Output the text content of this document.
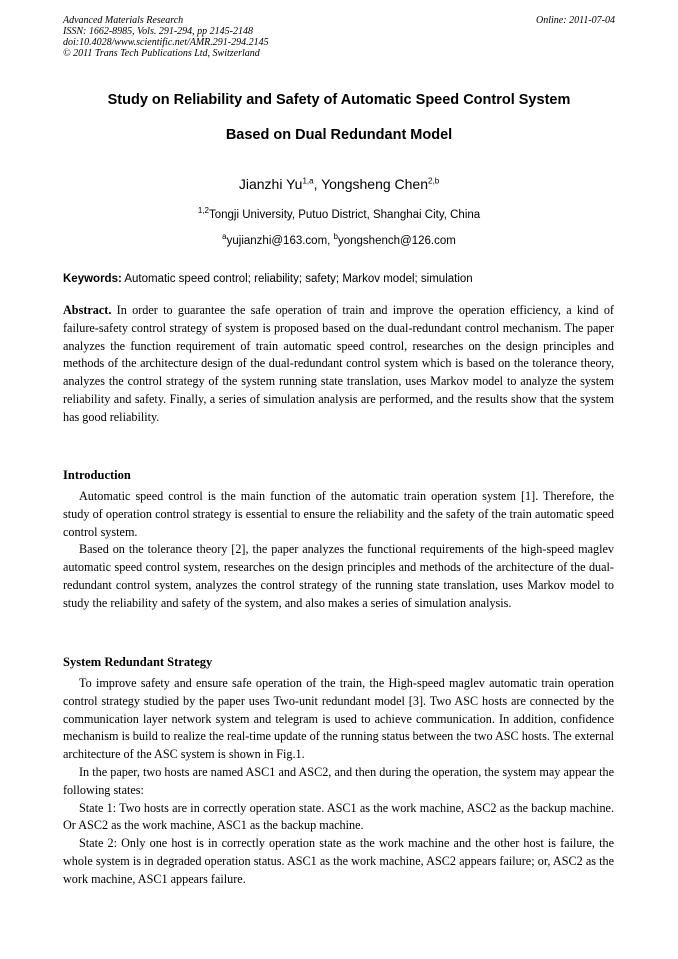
Advanced Materials Research
ISSN: 1662-8985, Vols. 291-294, pp 2145-2148
doi:10.4028/www.scientific.net/AMR.291-294.2145
© 2011 Trans Tech Publications Ltd, Switzerland
Online: 2011-07-04
Study on Reliability and Safety of Automatic Speed Control System
Based on Dual Redundant Model
Jianzhi Yu$^{1,a}$, Yongsheng Chen$^{2,b}$
$^{1,2}$Tongji University, Putuo District, Shanghai City, China
$^a$yujianzhi@163.com, $^b$yongshench@126.com
Keywords: Automatic speed control; reliability; safety; Markov model; simulation

Abstract. In order to guarantee the safe operation of train and improve the operation efficiency, a kind of failure-safety control strategy of system is proposed based on the dual-redundant control mechanism. The paper analyzes the function requirement of train automatic speed control, researches on the design principles and methods of the architecture design of the dual-redundant control system which is based on the tolerance theory, analyzes the control strategy of the system running state translation, uses Markov model to analyze the system reliability and safety. Finally, a series of simulation analysis are performed, and the results show that the system has good reliability.

Introduction

Automatic speed control is the main function of the automatic train operation system [1]. Therefore, the study of operation control strategy is essential to ensure the reliability and the safety of the train automatic speed control system.

Based on the tolerance theory [2], the paper analyzes the functional requirements of the high-speed maglev automatic speed control system, researches on the design principles and methods of the architecture of the dual-redundant control system, analyzes the control strategy of the running state translation, uses Markov model to study the reliability and safety of the system, and also makes a series of simulation analysis.

System Redundant Strategy

To improve safety and ensure safe operation of the train, the High-speed maglev automatic train operation control strategy studied by the paper uses Two-unit redundant model [3]. Two ASC hosts are connected by the communication layer network system and telegram is used to achieve communication. In addition, confidence mechanism is build to realize the real-time update of the running status between the two ASC hosts. The external architecture of the ASC system is shown in Fig.1.

In the paper, two hosts are named ASC1 and ASC2, and then during the operation, the system may appear the following states:

State 1: Two hosts are in correctly operation state. ASC1 as the work machine, ASC2 as the backup machine. Or ASC2 as the work machine, ASC1 as the backup machine.

State 2: Only one host is in correctly operation state as the work machine and the other host is failure, the whole system is in degraded operation status. ASC1 as the work machine, ASC2 appears failure; or, ASC2 as the work machine, ASC1 appears failure.
